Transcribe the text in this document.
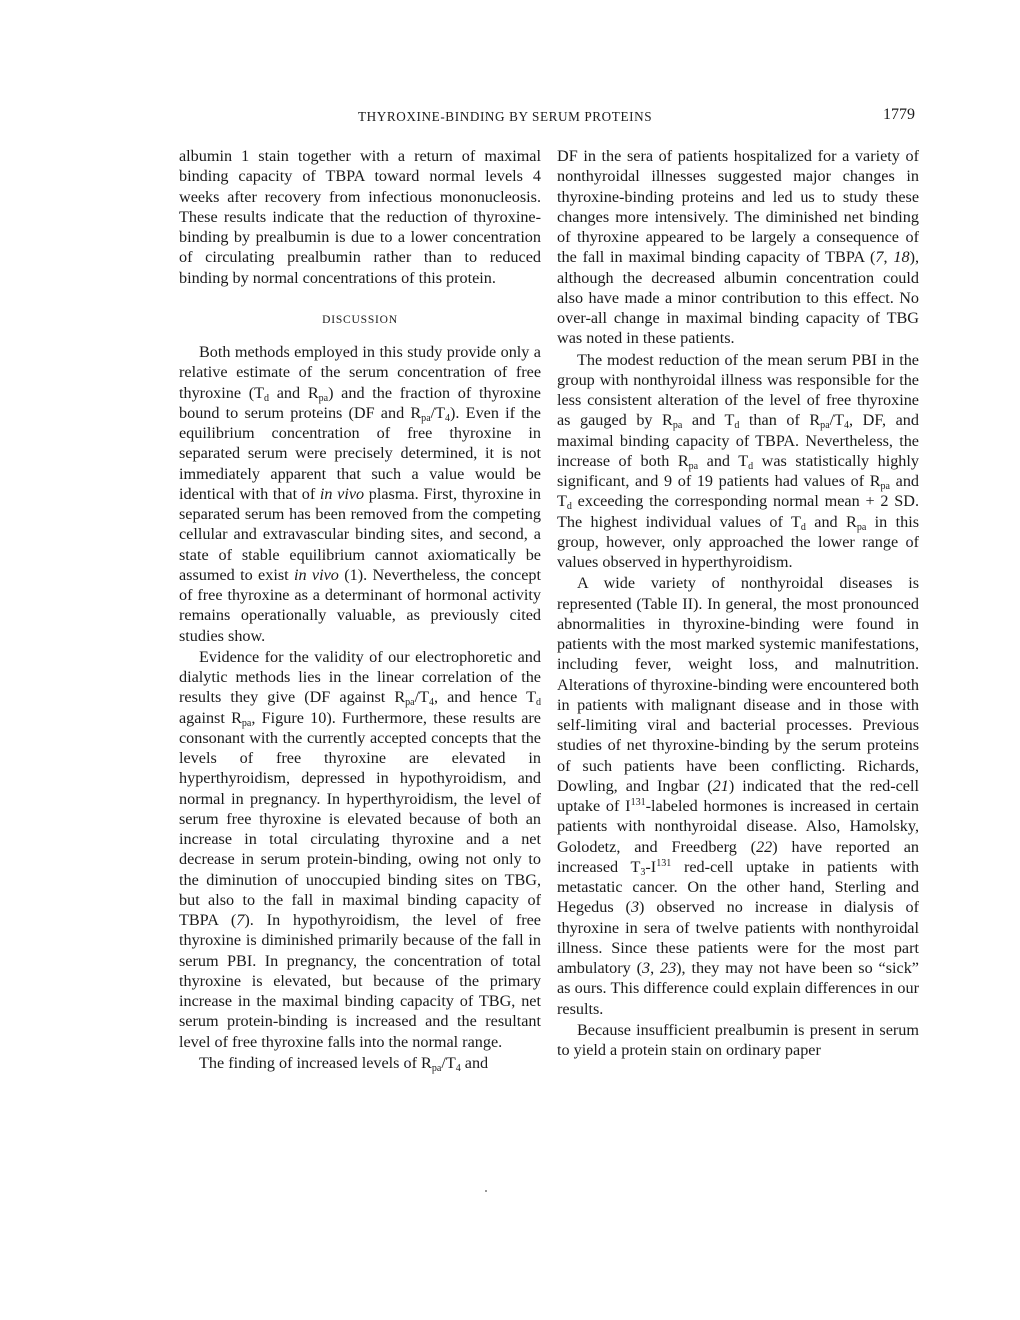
THYROXINE-BINDING BY SERUM PROTEINS	1779

albumin 1 stain together with a return of maximal binding capacity of TBPA toward normal levels 4 weeks after recovery from infectious mononucleosis. These results indicate that the reduction of thyroxine-binding by prealbumin is due to a lower concentration of circulating prealbumin rather than to reduced binding by normal concentrations of this protein.

DISCUSSION

Both methods employed in this study provide only a relative estimate of the serum concentration of free thyroxine ($T_d$ and $R_{pa}$) and the fraction of thyroxine bound to serum proteins (DF and $R_{pa}/T_4$). Even if the equilibrium concentration of free thyroxine in separated serum were precisely determined, it is not immediately apparent that such a value would be identical with that of in vivo plasma. First, thyroxine in separated serum has been removed from the competing cellular and extravascular binding sites, and second, a state of stable equilibrium cannot axiomatically be assumed to exist in vivo (1). Nevertheless, the concept of free thyroxine as a determinant of hormonal activity remains operationally valuable, as previously cited studies show.

Evidence for the validity of our electrophoretic and dialytic methods lies in the linear correlation of the results they give (DF against $R_{pa}/T_4$, and hence $T_d$ against $R_{pa}$, Figure 10). Furthermore, these results are consonant with the currently accepted concepts that the levels of free thyroxine are elevated in hyperthyroidism, depressed in hypothyroidism, and normal in pregnancy. In hyperthyroidism, the level of serum free thyroxine is elevated because of both an increase in total circulating thyroxine and a net decrease in serum protein-binding, owing not only to the diminution of unoccupied binding sites on TBG, but also to the fall in maximal binding capacity of TBPA (7). In hypothyroidism, the level of free thyroxine is diminished primarily because of the fall in serum PBI. In pregnancy, the concentration of total thyroxine is elevated, but because of the primary increase in the maximal binding capacity of TBG, net serum protein-binding is increased and the resultant level of free thyroxine falls into the normal range.

The finding of increased levels of $R_{pa}/T_4$ and

DF in the sera of patients hospitalized for a variety of nonthyroidal illnesses suggested major changes in thyroxine-binding proteins and led us to study these changes more intensively. The diminished net binding of thyroxine appeared to be largely a consequence of the fall in maximal binding capacity of TBPA (7, 18), although the decreased albumin concentration could also have made a minor contribution to this effect. No over-all change in maximal binding capacity of TBG was noted in these patients.

The modest reduction of the mean serum PBI in the group with nonthyroidal illness was responsible for the less consistent alteration of the level of free thyroxine as gauged by $R_{pa}$ and $T_d$ than of $R_{pa}/T_4$, DF, and maximal binding capacity of TBPA. Nevertheless, the increase of both $R_{pa}$ and $T_d$ was statistically highly significant, and 9 of 19 patients had values of $R_{pa}$ and $T_d$ exceeding the corresponding normal mean + 2 SD. The highest individual values of $T_d$ and $R_{pa}$ in this group, however, only approached the lower range of values observed in hyperthyroidism.

A wide variety of nonthyroidal diseases is represented (Table II). In general, the most pronounced abnormalities in thyroxine-binding were found in patients with the most marked systemic manifestations, including fever, weight loss, and malnutrition. Alterations of thyroxine-binding were encountered both in patients with malignant disease and in those with self-limiting viral and bacterial processes. Previous studies of net thyroxine-binding by the serum proteins of such patients have been conflicting. Richards, Dowling, and Ingbar (21) indicated that the red-cell uptake of $I^{131}$-labeled hormones is increased in certain patients with nonthyroidal disease. Also, Hamolsky, Golodetz, and Freedberg (22) have reported an increased $T_3-I^{131}$ red-cell uptake in patients with metastatic cancer. On the other hand, Sterling and Hegedus (3) observed no increase in dialysis of thyroxine in sera of twelve patients with nonthyroidal illness. Since these patients were for the most part ambulatory (3, 23), they may not have been so “sick” as ours. This difference could explain differences in our results.

Because insufficient prealbumin is present in serum to yield a protein stain on ordinary paper
